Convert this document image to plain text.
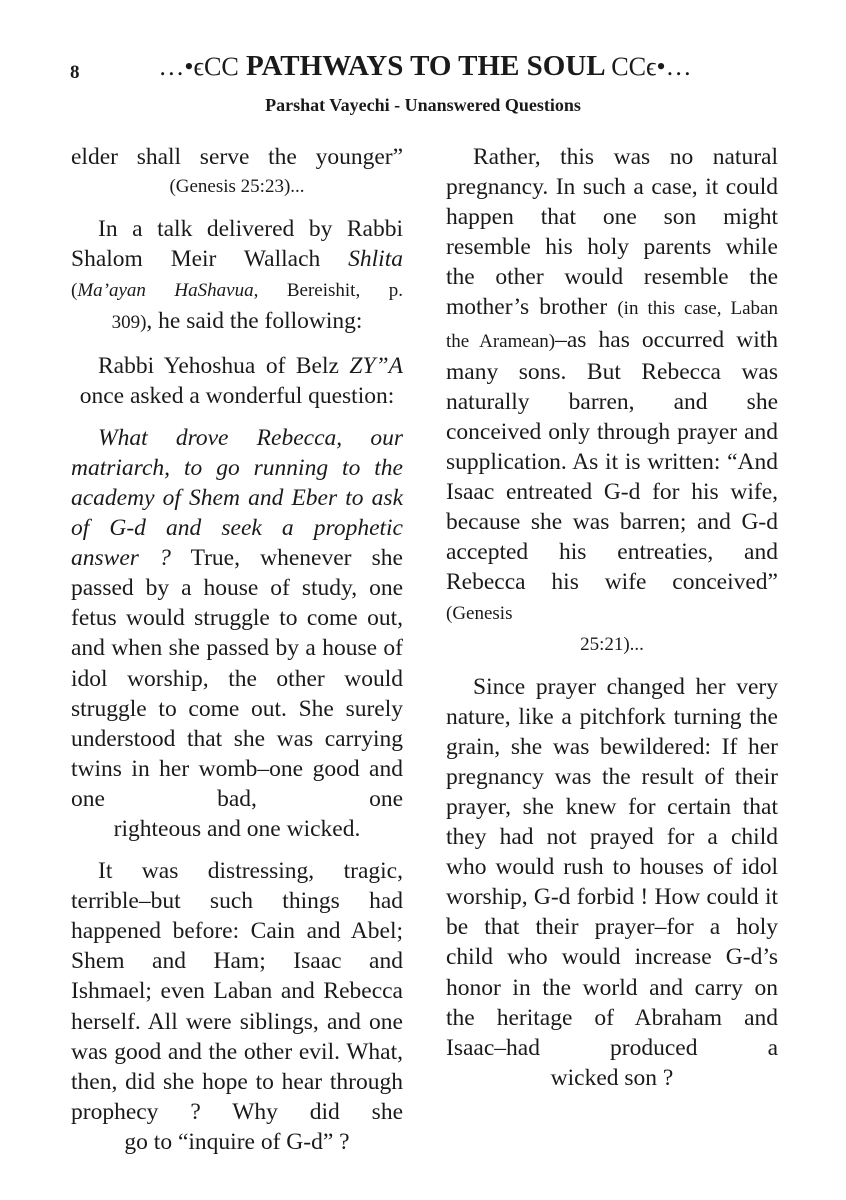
8	…•ϵϹϹ PATHWAYS TO THE SOUL ϹϹϵ•…
Parshat Vayechi - Unanswered Questions

elder shall serve the younger”
(Genesis 25:23)...

In a talk delivered by Rabbi Shalom Meir Wallach Shlita (Ma’ayan HaShavua, Bereishit, p.
309), he said the following:

Rabbi Yehoshua of Belz ZY”A
once asked a wonderful question:

What drove Rebecca, our matriarch, to go running to the academy of Shem and Eber to ask of G-d and seek a prophetic answer ? True, whenever she passed by a house of study, one fetus would struggle to come out, and when she passed by a house of idol worship, the other would struggle to come out. She surely understood that she was carrying twins in her womb–one good and one bad, one
righteous and one wicked.

It was distressing, tragic, terrible–but such things had happened before: Cain and Abel; Shem and Ham; Isaac and Ishmael; even Laban and Rebecca herself. All were siblings, and one was good and the other evil. What, then, did she hope to hear through prophecy ? Why did she
go to “inquire of G-d” ?

Rather, this was no natural pregnancy. In such a case, it could happen that one son might resemble his holy parents while the other would resemble the mother’s brother (in this case, Laban the Aramean)–as has occurred with many sons. But Rebecca was naturally barren, and she conceived only through prayer and supplication. As it is written: “And Isaac entreated G-d for his wife, because she was barren; and G-d accepted his entreaties, and Rebecca his wife conceived” (Genesis
25:21)...

Since prayer changed her very nature, like a pitchfork turning the grain, she was bewildered: If her pregnancy was the result of their prayer, she knew for certain that they had not prayed for a child who would rush to houses of idol worship, G-d forbid ! How could it be that their prayer–for a holy child who would increase G-d’s honor in the world and carry on the heritage of Abraham and Isaac–had produced a
wicked son ?
